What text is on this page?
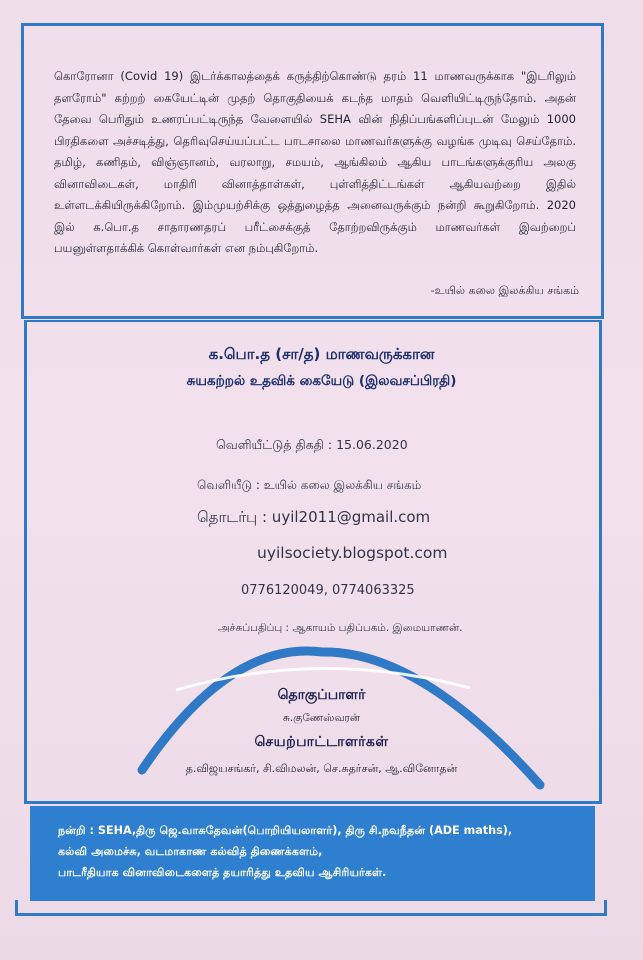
கொரோனா (Covid 19) இடர்க்காலத்தைக் கருத்திற்கொண்டு தரம் 11 மாணவருக்காக "இடரிலும் தளரோம்" கற்றற் கையேட்டின் முதற் தொகுதியைக் கடந்த மாதம் வெளியிட்டிருந்தோம். அதன் தேவை பெரிதும் உணரப்பட்டிருந்த வேளையில் SEHA வின் நிதிப்பங்களிப்புடன் மேலும் 1000 பிரதிகளை அச்சடித்து, தெரிவுசெய்யப்பட்ட பாடசாலை மாணவர்களுக்கு வழங்க முடிவு செய்தோம். தமிழ், கணிதம், விஞ்ஞானம், வரலாறு, சமயம், ஆங்கிலம் ஆகிய பாடங்களுக்குரிய அலகு வினாவிடைகள், மாதிரி வினாத்தாள்கள், புள்ளித்திட்டங்கள் ஆகியவற்றை இதில் உள்ளடக்கியிருக்கிறோம். இம்முயற்சிக்கு ஒத்துழைத்த அனைவருக்கும் நன்றி கூறுகிறோம். 2020 இல் க.பொ.த சாதாரணதரப் பரீட்சைக்குத் தோற்றவிருக்கும் மாணவர்கள் இவற்றைப் பயனுள்ளதாக்கிக் கொள்வார்கள் என நம்புகிறோம்.
-உயில் கலை இலக்கிய சங்கம்
க.பொ.த (சா/த) மாணவருக்கான
சுயகற்றல் உதவிக் கையேடு (இலவசப்பிரதி)
வெளியீட்டுத் திகதி : 15.06.2020
வெளியீடு : உயில் கலை இலக்கிய சங்கம்
தொடர்பு : uyil2011@gmail.com
uyilsociety.blogspot.com
0776120049, 0774063325
அச்சுப்பதிப்பு : ஆகாயம் பதிப்பகம். இமையாணன்.
தொகுப்பாளர்
சு.குணேஸ்வரன்
செயற்பாட்டாளர்கள்
த.விஜயசங்கர், சி.விமலன், செ.சுதர்சன், ஆ.வினோதன்
நன்றி : SEHA,திரு ஜெ.வாசுதேவன்(பொறியியலாளர்), திரு சி.நவநீதன் (ADE maths),
கல்வி அமைச்சு, வடமாகாண கல்வித் திணைக்களம்,
பாடரீதியாக வினாவிடைகளைத் தயாரித்து உதவிய ஆசிரியர்கள்.
